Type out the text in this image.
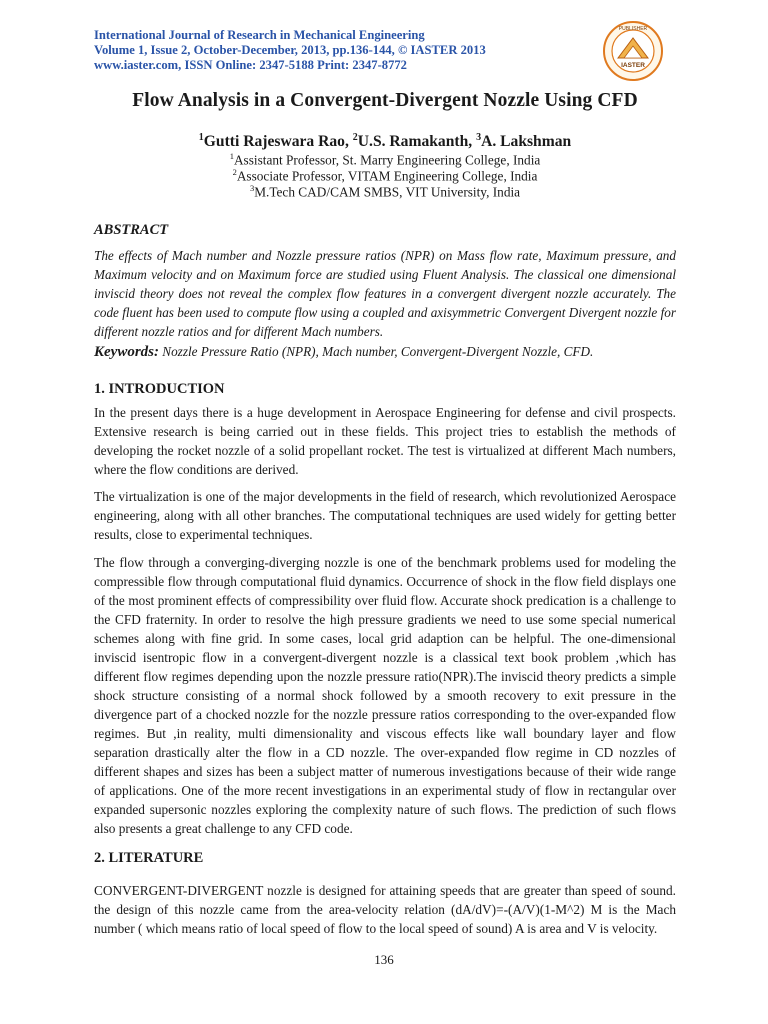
International Journal of Research in Mechanical Engineering
Volume 1, Issue 2, October-December, 2013, pp.136-144, © IASTER 2013
www.iaster.com, ISSN Online: 2347-5188 Print: 2347-8772	IASTER
PUBLISHER
Flow Analysis in a Convergent-Divergent Nozzle Using CFD
$^1$Gutti Rajeswara Rao, $^2$U.S. Ramakanth, $^3$A. Lakshman
$^1$Assistant Professor, St. Marry Engineering College, India
$^2$Associate Professor, VITAM Engineering College, India
$^3$M.Tech CAD/CAM SMBS, VIT University, India
ABSTRACT
The effects of Mach number and Nozzle pressure ratios (NPR) on Mass flow rate, Maximum pressure, and Maximum velocity and on Maximum force are studied using Fluent Analysis. The classical one dimensional inviscid theory does not reveal the complex flow features in a convergent divergent nozzle accurately. The code fluent has been used to compute flow using a coupled and axisymmetric Convergent Divergent nozzle for different nozzle ratios and for different Mach numbers.
Keywords: Nozzle Pressure Ratio (NPR), Mach number, Convergent-Divergent Nozzle, CFD.
1. INTRODUCTION
In the present days there is a huge development in Aerospace Engineering for defense and civil prospects. Extensive research is being carried out in these fields. This project tries to establish the methods of developing the rocket nozzle of a solid propellant rocket. The test is virtualized at different Mach numbers, where the flow conditions are derived.
The virtualization is one of the major developments in the field of research, which revolutionized Aerospace engineering, along with all other branches. The computational techniques are used widely for getting better results, close to experimental techniques.
The flow through a converging-diverging nozzle is one of the benchmark problems used for modeling the compressible flow through computational fluid dynamics. Occurrence of shock in the flow field displays one of the most prominent effects of compressibility over fluid flow. Accurate shock predication is a challenge to the CFD fraternity. In order to resolve the high pressure gradients we need to use some special numerical schemes along with fine grid. In some cases, local grid adaption can be helpful. The one-dimensional inviscid isentropic flow in a convergent-divergent nozzle is a classical text book problem ,which has different flow regimes depending upon the nozzle pressure ratio(NPR).The inviscid theory predicts a simple shock structure consisting of a normal shock followed by a smooth recovery to exit pressure in the divergence part of a chocked nozzle for the nozzle pressure ratios corresponding to the over-expanded flow regimes. But ,in reality, multi dimensionality and viscous effects like wall boundary layer and flow separation drastically alter the flow in a CD nozzle. The over-expanded flow regime in CD nozzles of different shapes and sizes has been a subject matter of numerous investigations because of their wide range of applications. One of the more recent investigations in an experimental study of flow in rectangular over expanded supersonic nozzles exploring the complexity nature of such flows. The prediction of such flows also presents a great challenge to any CFD code.
2. LITERATURE
CONVERGENT-DIVERGENT nozzle is designed for attaining speeds that are greater than speed of sound. the design of this nozzle came from the area-velocity relation (dA/dV)=-(A/V)(1-M^2) M is the Mach number ( which means ratio of local speed of flow to the local speed of sound) A is area and V is velocity.
136
